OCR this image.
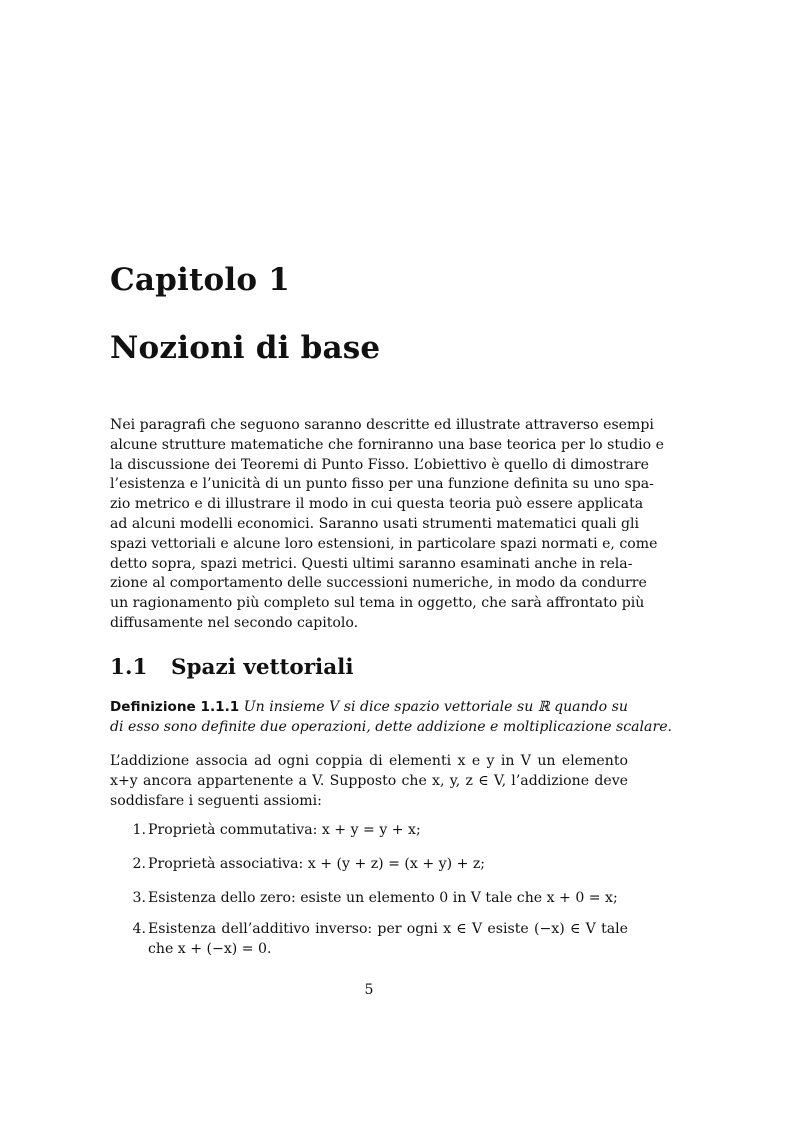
Capitolo 1
Nozioni di base
Nei paragrafi che seguono saranno descritte ed illustrate attraverso esempi
alcune strutture matematiche che forniranno una base teorica per lo studio e
la discussione dei Teoremi di Punto Fisso. L’obiettivo è quello di dimostrare
l’esistenza e l’unicità di un punto fisso per una funzione definita su uno spa-
zio metrico e di illustrare il modo in cui questa teoria può essere applicata
ad alcuni modelli economici. Saranno usati strumenti matematici quali gli
spazi vettoriali e alcune loro estensioni, in particolare spazi normati e, come
detto sopra, spazi metrici. Questi ultimi saranno esaminati anche in rela-
zione al comportamento delle successioni numeriche, in modo da condurre
un ragionamento più completo sul tema in oggetto, che sarà affrontato più
diffusamente nel secondo capitolo.
1.1 Spazi vettoriali
Definizione 1.1.1 Un insieme V si dice spazio vettoriale su ℝ quando su
di esso sono definite due operazioni, dette addizione e moltiplicazione scalare.
L’addizione associa ad ogni coppia di elementi x e y in V un elemento
x+y ancora appartenente a V. Supposto che x, y, z ∈ V, l’addizione deve
soddisfare i seguenti assiomi:
1. Proprietà commutativa: x + y = y + x;
2. Proprietà associativa: x + (y + z) = (x + y) + z;
3. Esistenza dello zero: esiste un elemento 0 in V tale che x + 0 = x;
4. Esistenza dell’additivo inverso: per ogni x ∈ V esiste (−x) ∈ V tale
che x + (−x) = 0.
5
